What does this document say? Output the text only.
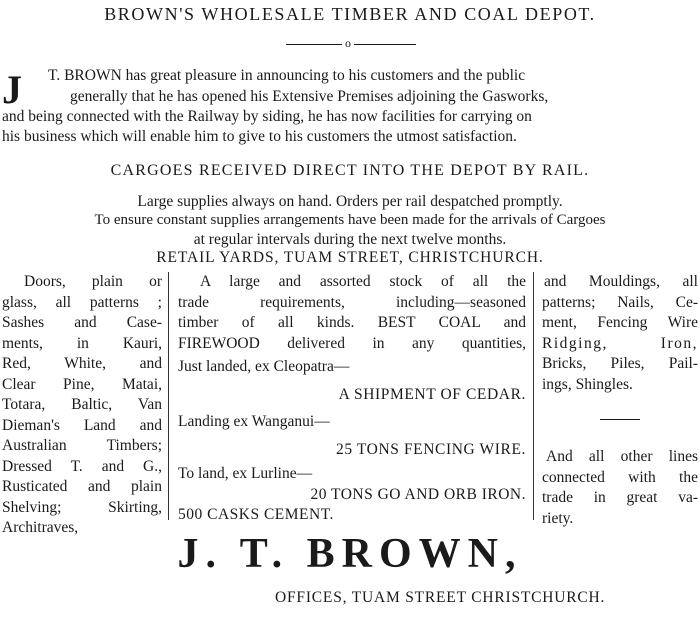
BROWN'S WHOLESALE TIMBER AND COAL DEPOT.
o
J T. BROWN has great pleasure in announcing to his customers and the public
generally that he has opened his Extensive Premises adjoining the Gasworks,
and being connected with the Railway by siding, he has now facilities for carrying on
his business which will enable him to give to his customers the utmost satisfaction.
CARGOES RECEIVED DIRECT INTO THE DEPOT BY RAIL.
Large supplies always on hand. Orders per rail despatched promptly.
To ensure constant supplies arrangements have been made for the arrivals of Cargoes
at regular intervals during the next twelve months.
RETAIL YARDS, TUAM STREET, CHRISTCHURCH.
Doors, plain or
glass, all patterns ;
Sashes and Case-
ments, in Kauri,
Red, White, and
Clear Pine, Matai,
Totara, Baltic, Van
Dieman's Land and
Australian Timbers;
Dressed T. and G.,
Rusticated and plain
Shelving; Skirting,
Architraves,
A large and assorted stock of all the
trade requirements, including—seasoned
timber of all kinds. BEST COAL and
FIREWOOD delivered in any quantities,
Just landed, ex Cleopatra—
A SHIPMENT OF CEDAR.
Landing ex Wanganui—
25 TONS FENCING WIRE.
To land, ex Lurline—
20 TONS GO AND ORB IRON.
500 CASKS CEMENT.
and Mouldings, all
patterns; Nails, Ce-
ment, Fencing Wire
Ridging, Iron,
Bricks, Piles, Pail-
ings, Shingles.
And all other lines
connected with the
trade in great va-
riety.
J. T. BROWN,
OFFICES, TUAM STREET CHRISTCHURCH.
